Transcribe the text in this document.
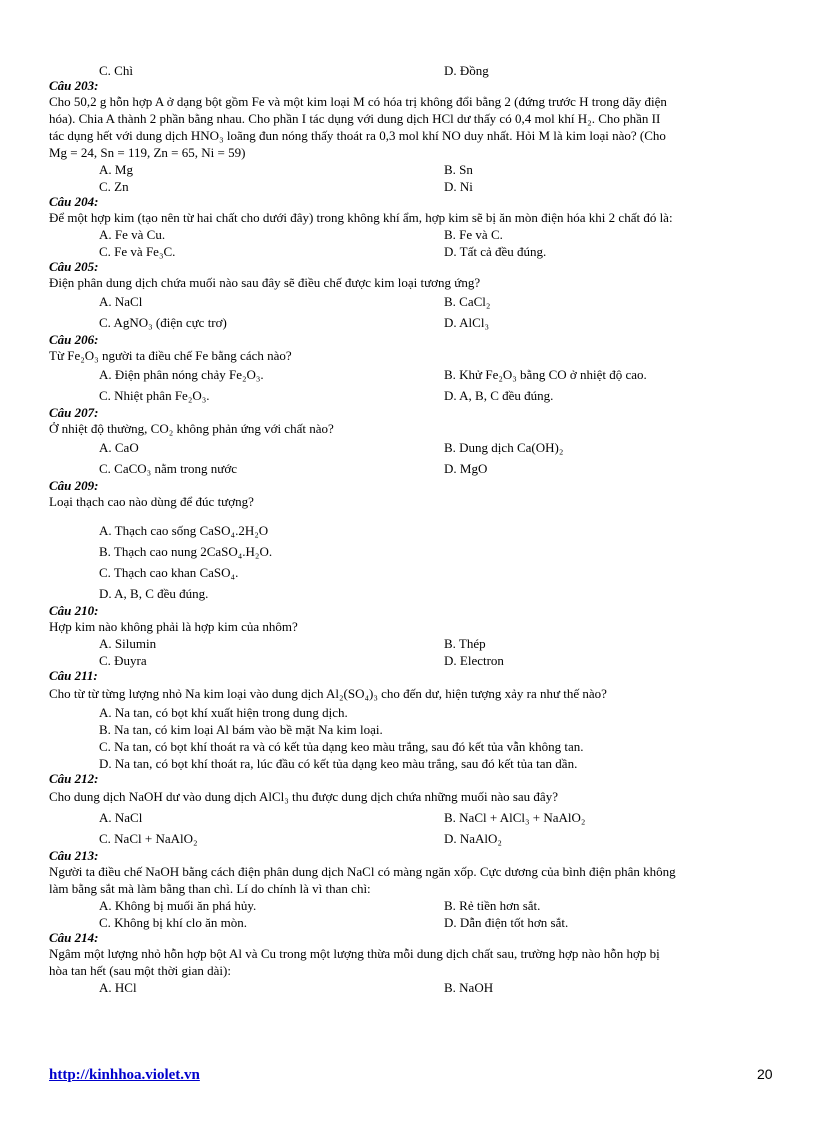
C. Chì	D. Đồng
Câu 203:
Cho 50,2 g hỗn hợp A ở dạng bột gồm Fe và một kim loại M có hóa trị không đổi bằng 2 (đứng trước H trong dãy điện
hóa). Chia A thành 2 phần bằng nhau. Cho phần I tác dụng với dung dịch HCl dư thấy có 0,4 mol khí H₂. Cho phần II
tác dụng hết với dung dịch HNO₃ loãng đun nóng thấy thoát ra 0,3 mol khí NO duy nhất. Hỏi M là kim loại nào? (Cho
Mg = 24, Sn = 119, Zn = 65, Ni = 59)
A. Mg	B. Sn
C. Zn	D. Ni
Câu 204:
Để một hợp kim (tạo nên từ hai chất cho dưới đây) trong không khí ẩm, hợp kim sẽ bị ăn mòn điện hóa khi 2 chất đó là:
A. Fe và Cu.	B. Fe và C.
C. Fe và Fe₃C.	D. Tất cả đều đúng.
Câu 205:
Điện phân dung dịch chứa muối nào sau đây sẽ điều chế được kim loại tương ứng?
A. NaCl	B. CaCl₂
C. AgNO₃ (điện cực trơ)	D. AlCl₃
Câu 206:
Từ Fe₂O₃ người ta điều chế Fe bằng cách nào?
A. Điện phân nóng chảy Fe₂O₃.	B. Khử Fe₂O₃ bằng CO ở nhiệt độ cao.
C. Nhiệt phân Fe₂O₃.	D. A, B, C đều đúng.
Câu 207:
Ở nhiệt độ thường, CO₂ không phản ứng với chất nào?
A. CaO	B. Dung dịch Ca(OH)₂
C. CaCO₃ nằm trong nước	D. MgO
Câu 209:
Loại thạch cao nào dùng để đúc tượng?
A. Thạch cao sống CaSO₄.2H₂O
B. Thạch cao nung 2CaSO₄.H₂O.
C. Thạch cao khan CaSO₄.
D. A, B, C đều đúng.
Câu 210:
Hợp kim nào không phải là hợp kim của nhôm?
A. Silumin	B. Thép
C. Đuyra	D. Electron
Câu 211:
Cho từ từ từng lượng nhỏ Na kim loại vào dung dịch Al₂(SO₄)₃ cho đến dư, hiện tượng xảy ra như thế nào?
A. Na tan, có bọt khí xuất hiện trong dung dịch.
B. Na tan, có kim loại Al bám vào bề mặt Na kim loại.
C. Na tan, có bọt khí thoát ra và có kết tủa dạng keo màu trắng, sau đó kết tủa vẫn không tan.
D. Na tan, có bọt khí thoát ra, lúc đầu có kết tủa dạng keo màu trắng, sau đó kết tủa tan dần.
Câu 212:
Cho dung dịch NaOH dư vào dung dịch AlCl₃ thu được dung dịch chứa những muối nào sau đây?
A. NaCl	B. NaCl + AlCl₃ + NaAlO₂
C. NaCl + NaAlO₂	D. NaAlO₂
Câu 213:
Người ta điều chế NaOH bằng cách điện phân dung dịch NaCl có màng ngăn xốp. Cực dương của bình điện phân không
làm bằng sắt mà làm bằng than chì. Lí do chính là vì than chì:
A. Không bị muối ăn phá hủy.	B. Rẻ tiền hơn sắt.
C. Không bị khí clo ăn mòn.	D. Dẫn điện tốt hơn sắt.
Câu 214:
Ngâm một lượng nhỏ hỗn hợp bột Al và Cu trong một lượng thừa mỗi dung dịch chất sau, trường hợp nào hỗn hợp bị
hòa tan hết (sau một thời gian dài):
A. HCl	B. NaOH
http://kinhhoa.violet.vn	20
